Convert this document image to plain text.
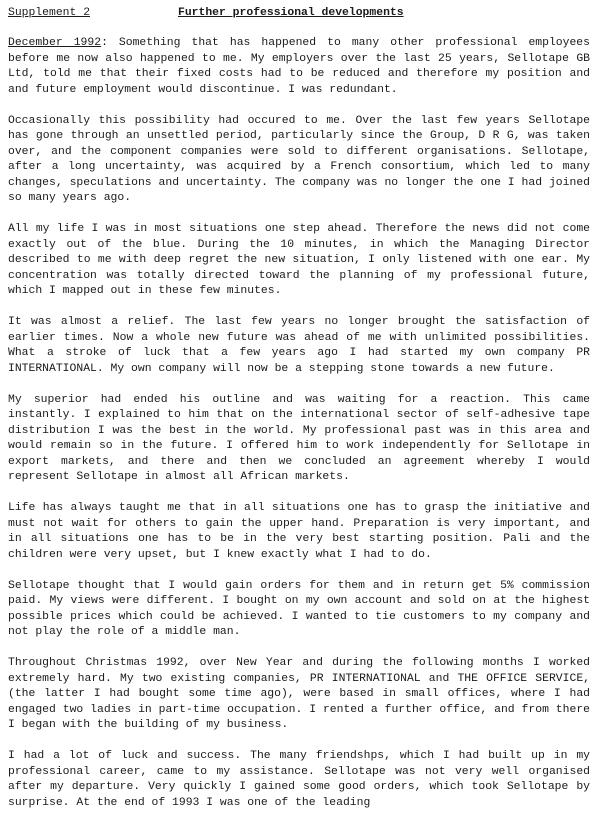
Supplement 2	Further professional developments

December 1992: Something that has happened to many other professional employees before me now also happened to me. My employers over the last 25 years, Sellotape GB Ltd, told me that their fixed costs had to be reduced and therefore my position and and future employment would discontinue. I was redundant.

Occasionally this possibility had occured to me. Over the last few years Sellotape has gone through an unsettled period, particularly since the Group, D R G, was taken over, and the component companies were sold to different organisations. Sellotape, after a long uncertainty, was acquired by a French consortium, which led to many changes, speculations and uncertainty. The company was no longer the one I had joined so many years ago.

All my life I was in most situations one step ahead. Therefore the news did not come exactly out of the blue. During the 10 minutes, in which the Managing Director described to me with deep regret the new situation, I only listened with one ear. My concentration was totally directed toward the planning of my professional future, which I mapped out in these few minutes.

It was almost a relief. The last few years no longer brought the satisfaction of earlier times. Now a whole new future was ahead of me with unlimited possibilities. What a stroke of luck that a few years ago I had started my own company PR INTERNATIONAL. My own company will now be a stepping stone towards a new future.

My superior had ended his outline and was waiting for a reaction. This came instantly. I explained to him that on the international sector of self-adhesive tape distribution I was the best in the world. My professional past was in this area and would remain so in the future. I offered him to work independently for Sellotape in export markets, and there and then we concluded an agreement whereby I would represent Sellotape in almost all African markets.

Life has always taught me that in all situations one has to grasp the initiative and must not wait for others to gain the upper hand. Preparation is very important, and in all situations one has to be in the very best starting position. Pali and the children were very upset, but I knew exactly what I had to do.

Sellotape thought that I would gain orders for them and in return get 5% commission paid. My views were different. I bought on my own account and sold on at the highest possible prices which could be achieved. I wanted to tie customers to my company and not play the role of a middle man.

Throughout Christmas 1992, over New Year and during the following months I worked extremely hard. My two existing companies, PR INTERNATIONAL and THE OFFICE SERVICE, (the latter I had bought some time ago), were based in small offices, where I had engaged two ladies in part-time occupation. I rented a further office, and from there I began with the building of my business.

I had a lot of luck and success. The many friendshps, which I had built up in my professional career, came to my assistance. Sellotape was not very well organised after my departure. Very quickly I gained some good orders, which took Sellotape by surprise. At the end of 1993 I was one of the leading
